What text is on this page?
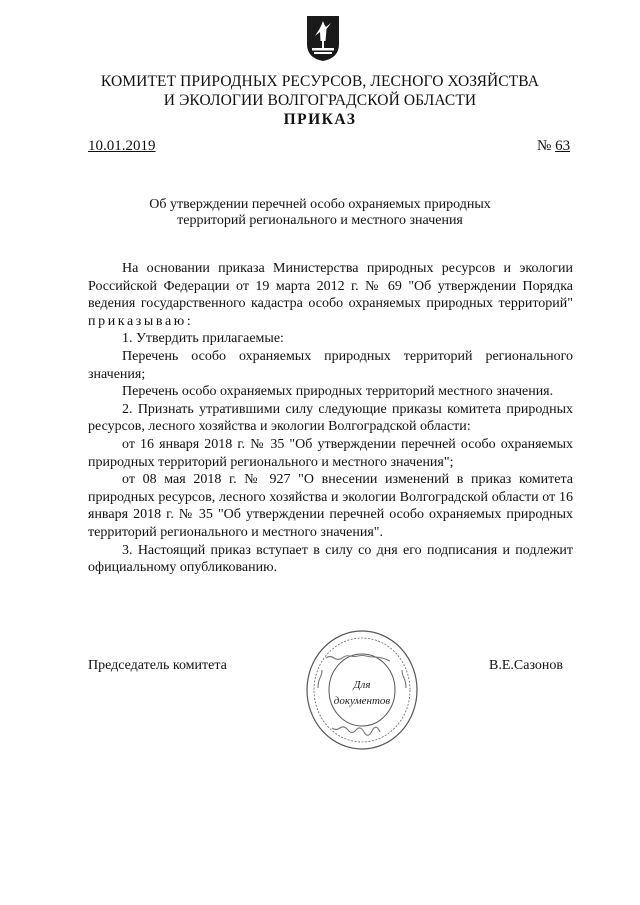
КОМИТЕТ ПРИРОДНЫХ РЕСУРСОВ, ЛЕСНОГО ХОЗЯЙСТВА
И ЭКОЛОГИИ ВОЛГОГРАДСКОЙ ОБЛАСТИ
ПРИКАЗ
10.01.2019	№ 63
Об утверждении перечней особо охраняемых природных
территорий регионального и местного значения

На основании приказа Министерства природных ресурсов и экологии Российской Федерации от 19 марта 2012 г. № 69 "Об утверждении Порядка ведения государственного кадастра особо охраняемых природных территорий" приказываю:

1. Утвердить прилагаемые:

Перечень особо охраняемых природных территорий регионального значения;

Перечень особо охраняемых природных территорий местного значения.

2. Признать утратившими силу следующие приказы комитета природных ресурсов, лесного хозяйства и экологии Волгоградской области:

от 16 января 2018 г. № 35 "Об утверждении перечней особо охраняемых природных территорий регионального и местного значения";

от 08 мая 2018 г. № 927 "О внесении изменений в приказ комитета природных ресурсов, лесного хозяйства и экологии Волгоградской области от 16 января 2018 г. № 35 "Об утверждении перечней особо охраняемых природных территорий регионального и местного значения".

3. Настоящий приказ вступает в силу со дня его подписания и подлежит официальному опубликованию.

Председатель комитета	В.Е.Сазонов
Для
документов
